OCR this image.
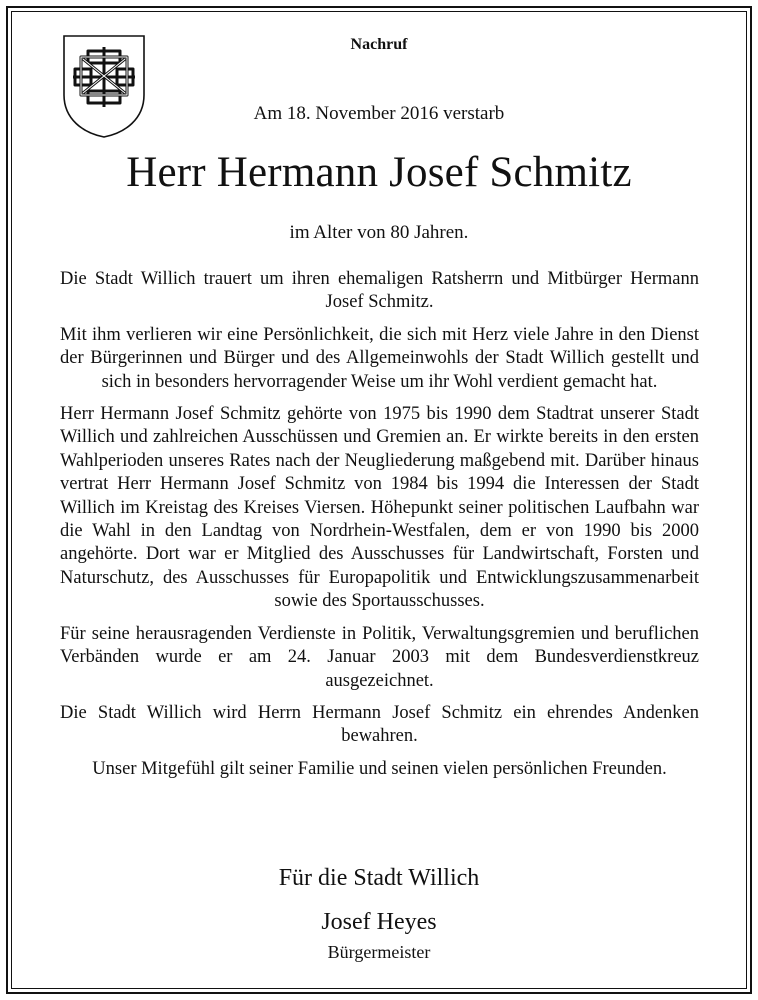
Nachruf
Am 18. November 2016 verstarb
Herr Hermann Josef Schmitz
im Alter von 80 Jahren.

Die Stadt Willich trauert um ihren ehemaligen Ratsherrn und Mitbürger Hermann Josef Schmitz.

Mit ihm verlieren wir eine Persönlichkeit, die sich mit Herz viele Jahre in den Dienst der Bürgerinnen und Bürger und des Allgemeinwohls der Stadt Willich gestellt und sich in besonders hervorragender Weise um ihr Wohl verdient gemacht hat.

Herr Hermann Josef Schmitz gehörte von 1975 bis 1990 dem Stadtrat unserer Stadt Willich und zahlreichen Ausschüssen und Gremien an. Er wirkte bereits in den ersten Wahlperioden unseres Rates nach der Neugliederung maßgebend mit. Darüber hinaus vertrat Herr Hermann Josef Schmitz von 1984 bis 1994 die Interessen der Stadt Willich im Kreistag des Kreises Viersen. Höhepunkt seiner politischen Laufbahn war die Wahl in den Landtag von Nordrhein-Westfalen, dem er von 1990 bis 2000 angehörte. Dort war er Mitglied des Ausschusses für Landwirtschaft, Forsten und Naturschutz, des Ausschusses für Europapolitik und Entwicklungszusammenarbeit sowie des Sportausschusses.

Für seine herausragenden Verdienste in Politik, Verwaltungsgremien und beruflichen Verbänden wurde er am 24. Januar 2003 mit dem Bundesverdienstkreuz ausgezeichnet.

Die Stadt Willich wird Herrn Hermann Josef Schmitz ein ehrendes Andenken bewahren.

Unser Mitgefühl gilt seiner Familie und seinen vielen persönlichen Freunden.

Für die Stadt Willich
Josef Heyes
Bürgermeister
